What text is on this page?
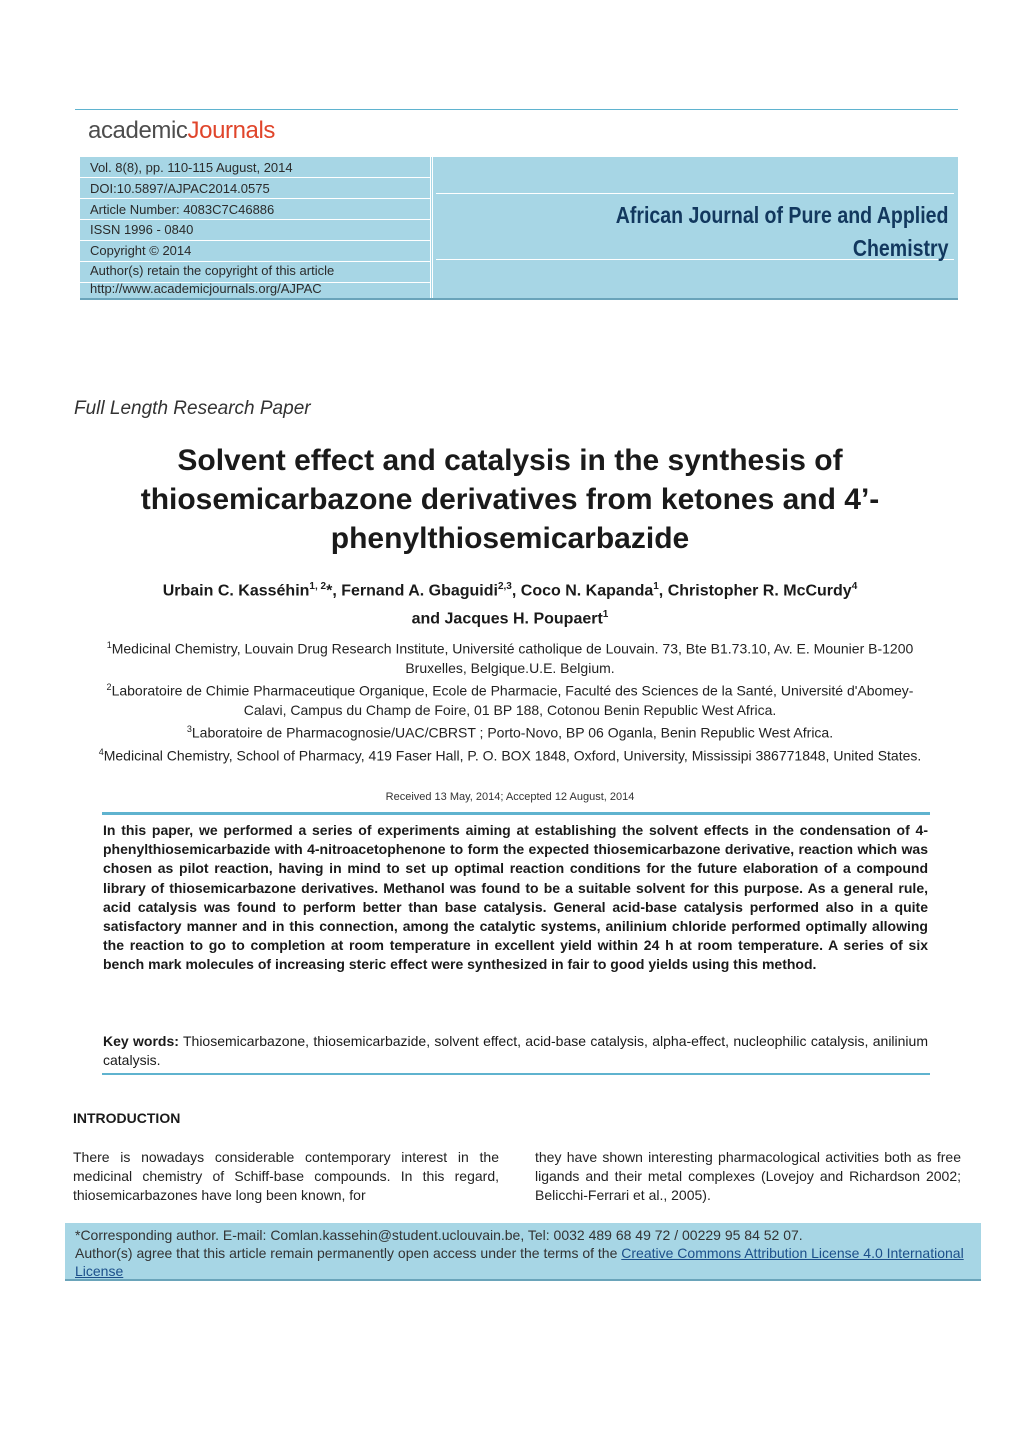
academicJournals
Vol. 8(8), pp. 110-115 August, 2014
DOI:10.5897/AJPAC2014.0575
Article Number: 4083C7C46886
ISSN 1996 - 0840
Copyright © 2014
Author(s) retain the copyright of this article
http://www.academicjournals.org/AJPAC
African Journal of Pure and Applied
Chemistry
Full Length Research Paper
Solvent effect and catalysis in the synthesis of thiosemicarbazone derivatives from ketones and 4’-phenylthiosemicarbazide
Urbain C. Kasséhin$^{1, 2}$*, Fernand A. Gbaguidi$^{2,3}$, Coco N. Kapanda$^1$, Christopher R. McCurdy$^4$
and Jacques H. Poupaert$^1$
$^1$Medicinal Chemistry, Louvain Drug Research Institute, Université catholique de Louvain. 73, Bte B1.73.10, Av. E. Mounier B-1200 Bruxelles, Belgique.U.E. Belgium.
$^2$Laboratoire de Chimie Pharmaceutique Organique, Ecole de Pharmacie, Faculté des Sciences de la Santé, Université d'Abomey-Calavi, Campus du Champ de Foire, 01 BP 188, Cotonou Benin Republic West Africa.
$^3$Laboratoire de Pharmacognosie/UAC/CBRST ; Porto-Novo, BP 06 Oganla, Benin Republic West Africa.
$^4$Medicinal Chemistry, School of Pharmacy, 419 Faser Hall, P. O. BOX 1848, Oxford, University, Mississipi 386771848, United States.
Received 13 May, 2014; Accepted 12 August, 2014
In this paper, we performed a series of experiments aiming at establishing the solvent effects in the condensation of 4-phenylthiosemicarbazide with 4-nitroacetophenone to form the expected thiosemicarbazone derivative, reaction which was chosen as pilot reaction, having in mind to set up optimal reaction conditions for the future elaboration of a compound library of thiosemicarbazone derivatives. Methanol was found to be a suitable solvent for this purpose. As a general rule, acid catalysis was found to perform better than base catalysis. General acid-base catalysis performed also in a quite satisfactory manner and in this connection, among the catalytic systems, anilinium chloride performed optimally allowing the reaction to go to completion at room temperature in excellent yield within 24 h at room temperature. A series of six bench mark molecules of increasing steric effect were synthesized in fair to good yields using this method.
Key words: Thiosemicarbazone, thiosemicarbazide, solvent effect, acid-base catalysis, alpha-effect, nucleophilic catalysis, anilinium catalysis.
INTRODUCTION
There is nowadays considerable contemporary interest in the medicinal chemistry of Schiff-base compounds. In this regard, thiosemicarbazones have long been known, for
they have shown interesting pharmacological activities both as free ligands and their metal complexes (Lovejoy and Richardson 2002; Belicchi-Ferrari et al., 2005).
*Corresponding author. E-mail: Comlan.kassehin@student.uclouvain.be, Tel: 0032 489 68 49 72 / 00229 95 84 52 07.
Author(s) agree that this article remain permanently open access under the terms of the Creative Commons Attribution License 4.0 International License
